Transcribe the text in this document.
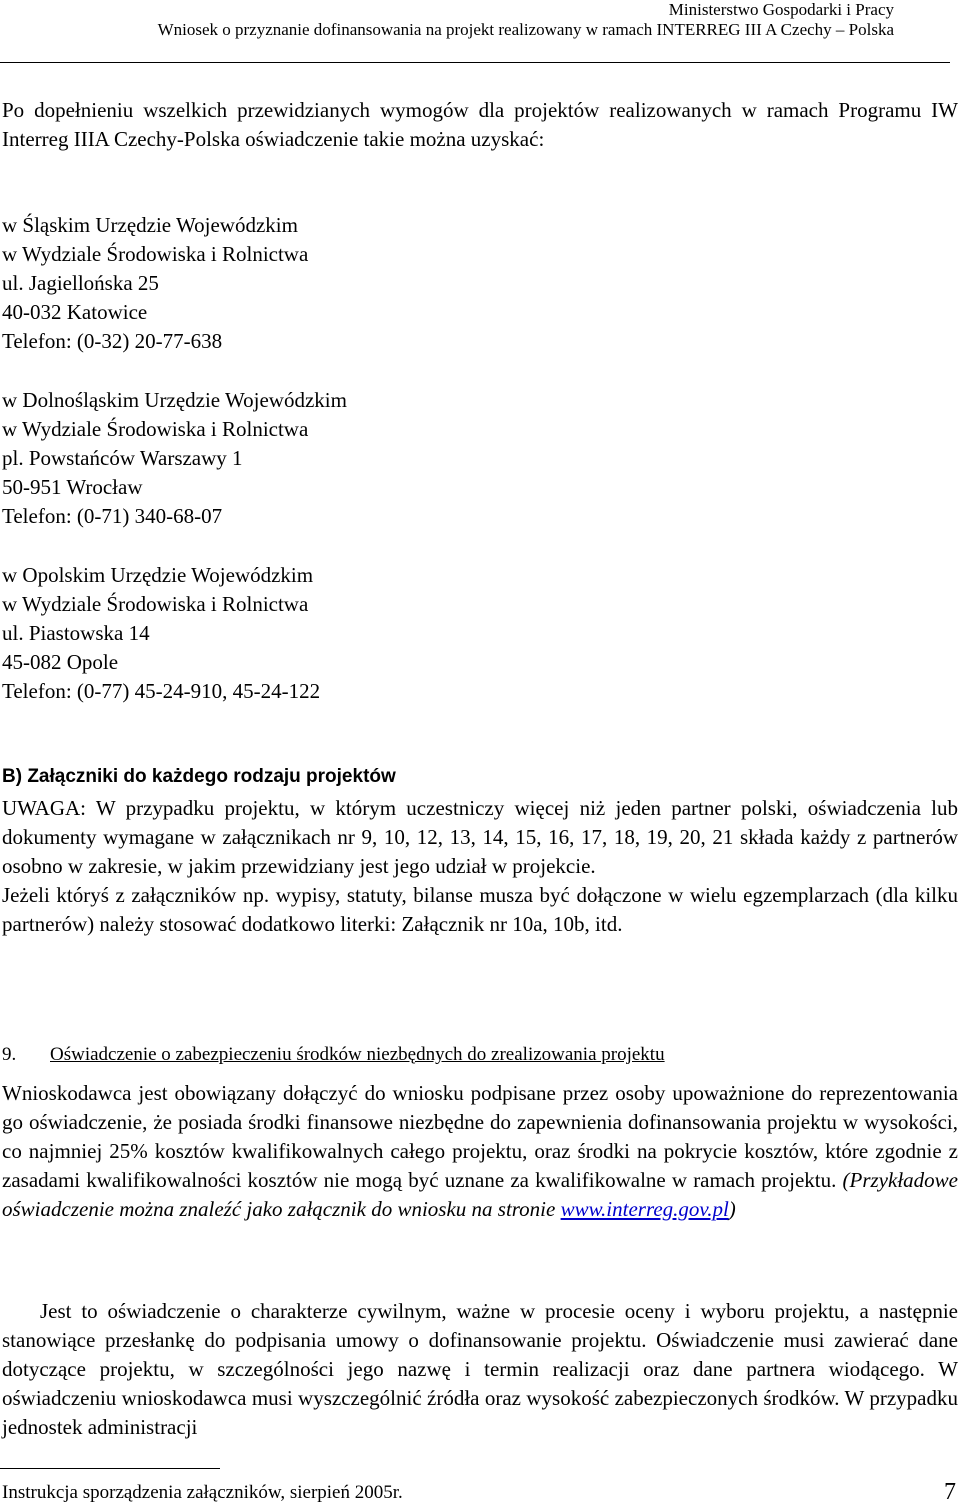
Ministerstwo Gospodarki i Pracy
Wniosek o przyznanie dofinansowania na projekt realizowany w ramach INTERREG III A Czechy – Polska

Po dopełnieniu wszelkich przewidzianych wymogów dla projektów realizowanych w ramach Programu IW Interreg IIIA Czechy-Polska oświadczenie takie można uzyskać:

w Śląskim Urzędzie Wojewódzkim
w Wydziale Środowiska i Rolnictwa
ul. Jagiellońska 25
40-032 Katowice
Telefon: (0-32) 20-77-638
w Dolnośląskim Urzędzie Wojewódzkim
w Wydziale Środowiska i Rolnictwa
pl. Powstańców Warszawy 1
50-951 Wrocław
Telefon: (0-71) 340-68-07
w Opolskim Urzędzie Wojewódzkim
w Wydziale Środowiska i Rolnictwa
ul. Piastowska 14
45-082 Opole
Telefon: (0-77) 45-24-910, 45-24-122
B) Załączniki do każdego rodzaju projektów

UWAGA: W przypadku projektu, w którym uczestniczy więcej niż jeden partner polski, oświadczenia lub dokumenty wymagane w załącznikach nr 9, 10, 12, 13, 14, 15, 16, 17, 18, 19, 20, 21 składa każdy z partnerów osobno w zakresie, w jakim przewidziany jest jego udział w projekcie.

Jeżeli któryś z załączników np. wypisy, statuty, bilanse musza być dołączone w wielu egzemplarzach (dla kilku partnerów) należy stosować dodatkowo literki: Załącznik nr 10a, 10b, itd.

9. Oświadczenie o zabezpieczeniu środków niezbędnych do zrealizowania projektu

Wnioskodawca jest obowiązany dołączyć do wniosku podpisane przez osoby upoważnione do reprezentowania go oświadczenie, że posiada środki finansowe niezbędne do zapewnienia dofinansowania projektu w wysokości, co najmniej 25% kosztów kwalifikowalnych całego projektu, oraz środki na pokrycie kosztów, które zgodnie z zasadami kwalifikowalności kosztów nie mogą być uznane za kwalifikowalne w ramach projektu. (Przykładowe oświadczenie można znaleźć jako załącznik do wniosku na stronie www.interreg.gov.pl)

Jest to oświadczenie o charakterze cywilnym, ważne w procesie oceny i wyboru projektu, a następnie stanowiące przesłankę do podpisania umowy o dofinansowanie projektu. Oświadczenie musi zawierać dane dotyczące projektu, w szczególności jego nazwę i termin realizacji oraz dane partnera wiodącego. W oświadczeniu wnioskodawca musi wyszczególnić źródła oraz wysokość zabezpieczonych środków. W przypadku jednostek administracji

Instrukcja sporządzenia załączników, sierpień 2005r.	7
